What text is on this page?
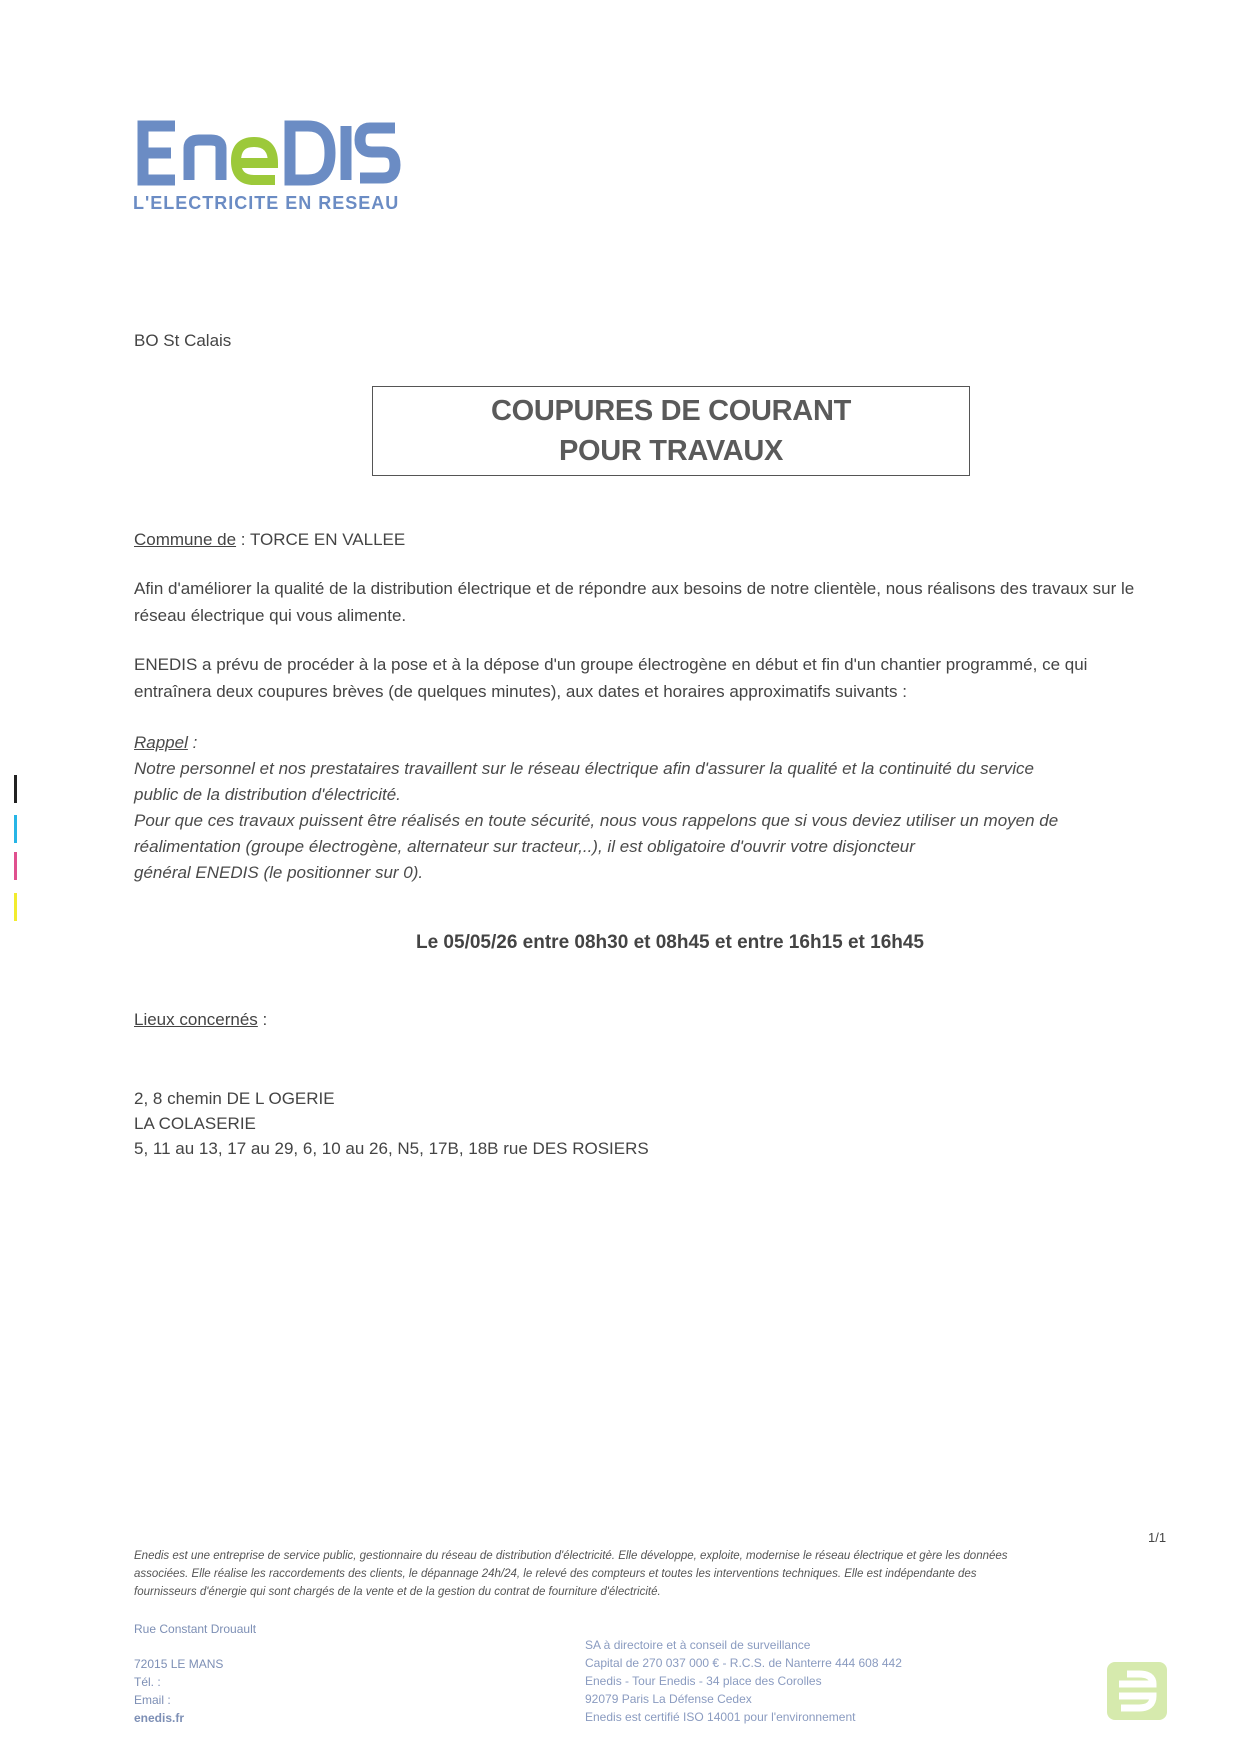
L'ELECTRICITE EN RESEAU
BO St Calais
COUPURES DE COURANT
POUR TRAVAUX
Commune de : TORCE EN VALLEE
Afin d'améliorer la qualité de la distribution électrique et de répondre aux besoins de notre clientèle, nous réalisons des travaux sur le réseau électrique qui vous alimente.
ENEDIS a prévu de procéder à la pose et à la dépose d'un groupe électrogène en début et fin d'un chantier programmé, ce qui entraînera deux coupures brèves (de quelques minutes), aux dates et horaires approximatifs suivants :
Rappel :
Notre personnel et nos prestataires travaillent sur le réseau électrique afin d'assurer la qualité et la continuité du service
public de la distribution d'électricité.
Pour que ces travaux puissent être réalisés en toute sécurité, nous vous rappelons que si vous deviez utiliser un moyen de
réalimentation (groupe électrogène, alternateur sur tracteur,..), il est obligatoire d'ouvrir votre disjoncteur
général ENEDIS (le positionner sur 0).
Le 05/05/26 entre 08h30 et 08h45 et entre 16h15 et 16h45
Lieux concernés :
2, 8 chemin DE L OGERIE
LA COLASERIE
5, 11 au 13, 17 au 29, 6, 10 au 26, N5, 17B, 18B rue DES ROSIERS
1/1
Enedis est une entreprise de service public, gestionnaire du réseau de distribution d'électricité. Elle développe, exploite, modernise le réseau électrique et gère les données
associées. Elle réalise les raccordements des clients, le dépannage 24h/24, le relevé des compteurs et toutes les interventions techniques. Elle est indépendante des
fournisseurs d'énergie qui sont chargés de la vente et de la gestion du contrat de fourniture d'électricité.
Rue Constant Drouault
72015 LE MANS
Tél. :
Email :
enedis.fr
SA à directoire et à conseil de surveillance
Capital de 270 037 000 € - R.C.S. de Nanterre 444 608 442
Enedis - Tour Enedis - 34 place des Corolles
92079 Paris La Défense Cedex
Enedis est certifié ISO 14001 pour l'environnement
